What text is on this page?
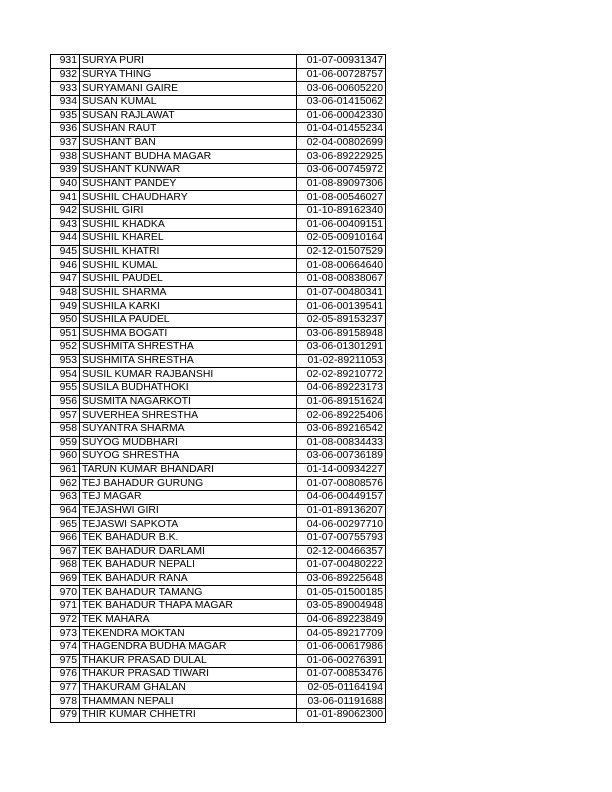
931	SURYA PURI	01-07-00931347
932	SURYA THING	01-06-00728757
933	SURYAMANI GAIRE	03-06-00605220
934	SUSAN KUMAL	03-06-01415062
935	SUSAN RAJLAWAT	01-06-00042330
936	SUSHAN RAUT	01-04-01455234
937	SUSHANT BAN	02-04-00802699
938	SUSHANT BUDHA MAGAR	03-06-89222925
939	SUSHANT KUNWAR	03-06-00745972
940	SUSHANT PANDEY	01-08-89097306
941	SUSHIL CHAUDHARY	01-08-00546027
942	SUSHIL GIRI	01-10-89162340
943	SUSHIL KHADKA	01-06-00409151
944	SUSHIL KHAREL	02-05-00910164
945	SUSHIL KHATRI	02-12-01507529
946	SUSHIL KUMAL	01-08-00664640
947	SUSHIL PAUDEL	01-08-00838067
948	SUSHIL SHARMA	01-07-00480341
949	SUSHILA KARKI	01-06-00139541
950	SUSHILA PAUDEL	02-05-89153237
951	SUSHMA BOGATI	03-06-89158948
952	SUSHMITA SHRESTHA	03-06-01301291
953	SUSHMITA SHRESTHA	01-02-89211053
954	SUSIL KUMAR RAJBANSHI	02-02-89210772
955	SUSILA BUDHATHOKI	04-06-89223173
956	SUSMITA NAGARKOTI	01-06-89151624
957	SUVERHEA SHRESTHA	02-06-89225406
958	SUYANTRA SHARMA	03-06-89216542
959	SUYOG MUDBHARI	01-08-00834433
960	SUYOG SHRESTHA	03-06-00736189
961	TARUN KUMAR BHANDARI	01-14-00934227
962	TEJ BAHADUR GURUNG	01-07-00808576
963	TEJ MAGAR	04-06-00449157
964	TEJASHWI GIRI	01-01-89136207
965	TEJASWI SAPKOTA	04-06-00297710
966	TEK BAHADUR B.K.	01-07-00755793
967	TEK BAHADUR DARLAMI	02-12-00466357
968	TEK BAHADUR NEPALI	01-07-00480222
969	TEK BAHADUR RANA	03-06-89225648
970	TEK BAHADUR TAMANG	01-05-01500185
971	TEK BAHADUR THAPA MAGAR	03-05-89004948
972	TEK MAHARA	04-06-89223849
973	TEKENDRA MOKTAN	04-05-89217709
974	THAGENDRA BUDHA MAGAR	01-06-00617986
975	THAKUR PRASAD DULAL	01-06-00276391
976	THAKUR PRASAD TIWARI	01-07-00853476
977	THAKURAM GHALAN	02-05-01164194
978	THAMMAN NEPALI	03-06-01191688
979	THIR KUMAR CHHETRI	01-01-89062300
